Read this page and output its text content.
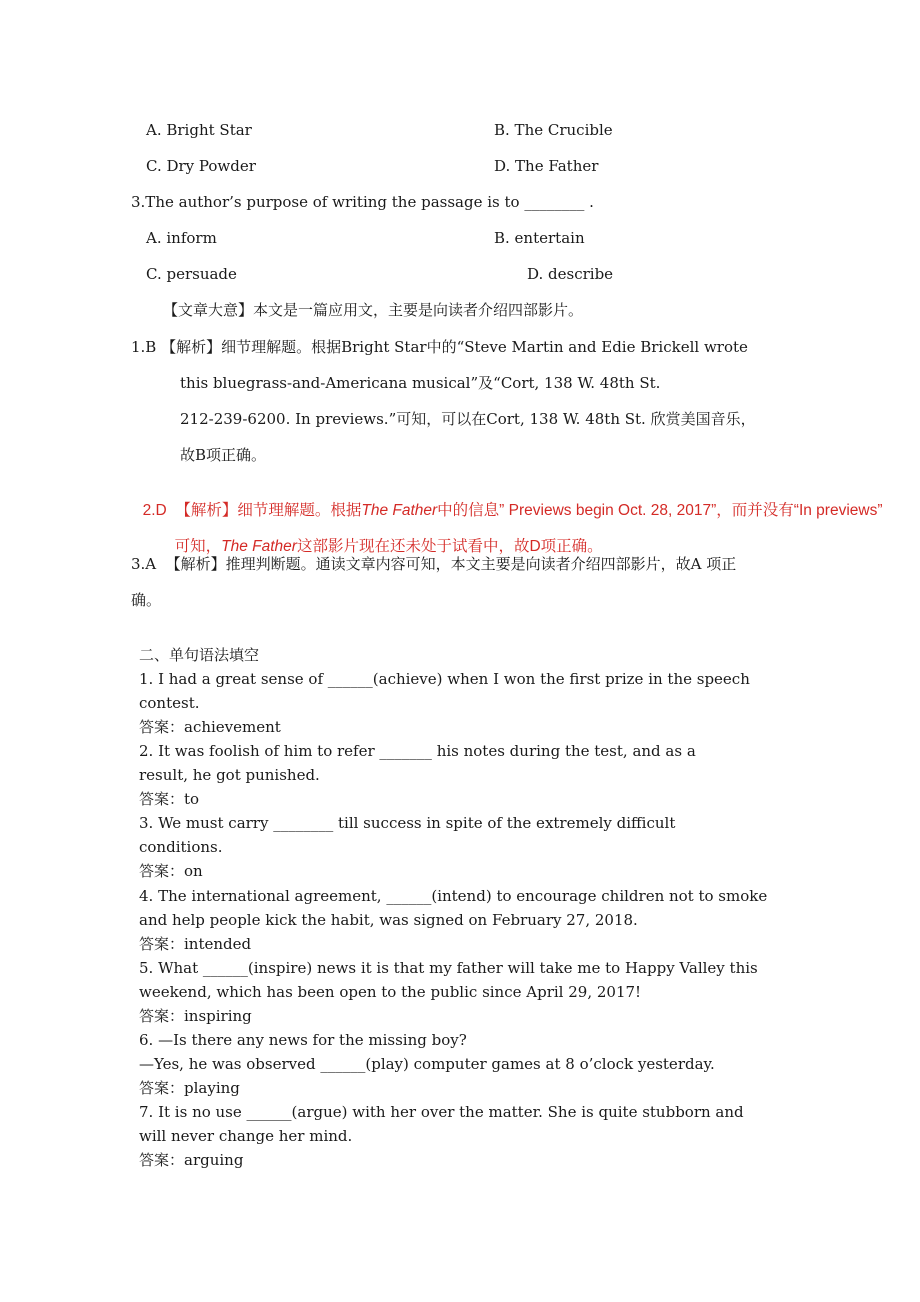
A. Bright Star	B. The Crucible
C. Dry Powder	D. The Father
3.The author’s purpose of writing the passage is to ________ .
A. inform	B. entertain
C. persuade	D. describe
【文章大意】本文是一篇应用文，主要是向读者介绍四部影片。
1.B 【解析】细节理解题。根据Bright Star中的“Steve Martin and Edie Brickell wrote
this bluegrass-and-Americana musical”及“Cort, 138 W. 48th St.
212-239-6200. In previews.”可知，可以在Cort, 138 W. 48th St. 欣赏美国音乐，
故B项正确。

2.D  【解析】细节理解题。根据The Father中的信息” Previews begin Oct. 28, 2017”，而并没有“In previews”

可知，The Father这部影片现在还未处于试看中，故D项正确。

3.A  【解析】推理判断题。通读文章内容可知，本文主要是向读者介绍四部影片，故A 项正
确。
二、单句语法填空
1. I had a great sense of ______(achieve) when I won the first prize in the speech
contest.
答案：achievement
2. It was foolish of him to refer _______ his notes during the test, and as a
result, he got punished.
答案：to
3. We must carry ________ till success in spite of the extremely difficult
conditions.
答案：on
4. The international agreement, ______(intend) to encourage children not to smoke
and help people kick the habit, was signed on February 27, 2018.
答案：intended
5. What ______(inspire) news it is that my father will take me to Happy Valley this
weekend, which has been open to the public since April 29, 2017!
答案：inspiring
6. —Is there any news for the missing boy?
—Yes, he was observed ______(play) computer games at 8 o’clock yesterday.
答案：playing
7. It is no use ______(argue) with her over the matter. She is quite stubborn and
will never change her mind.
答案：arguing
